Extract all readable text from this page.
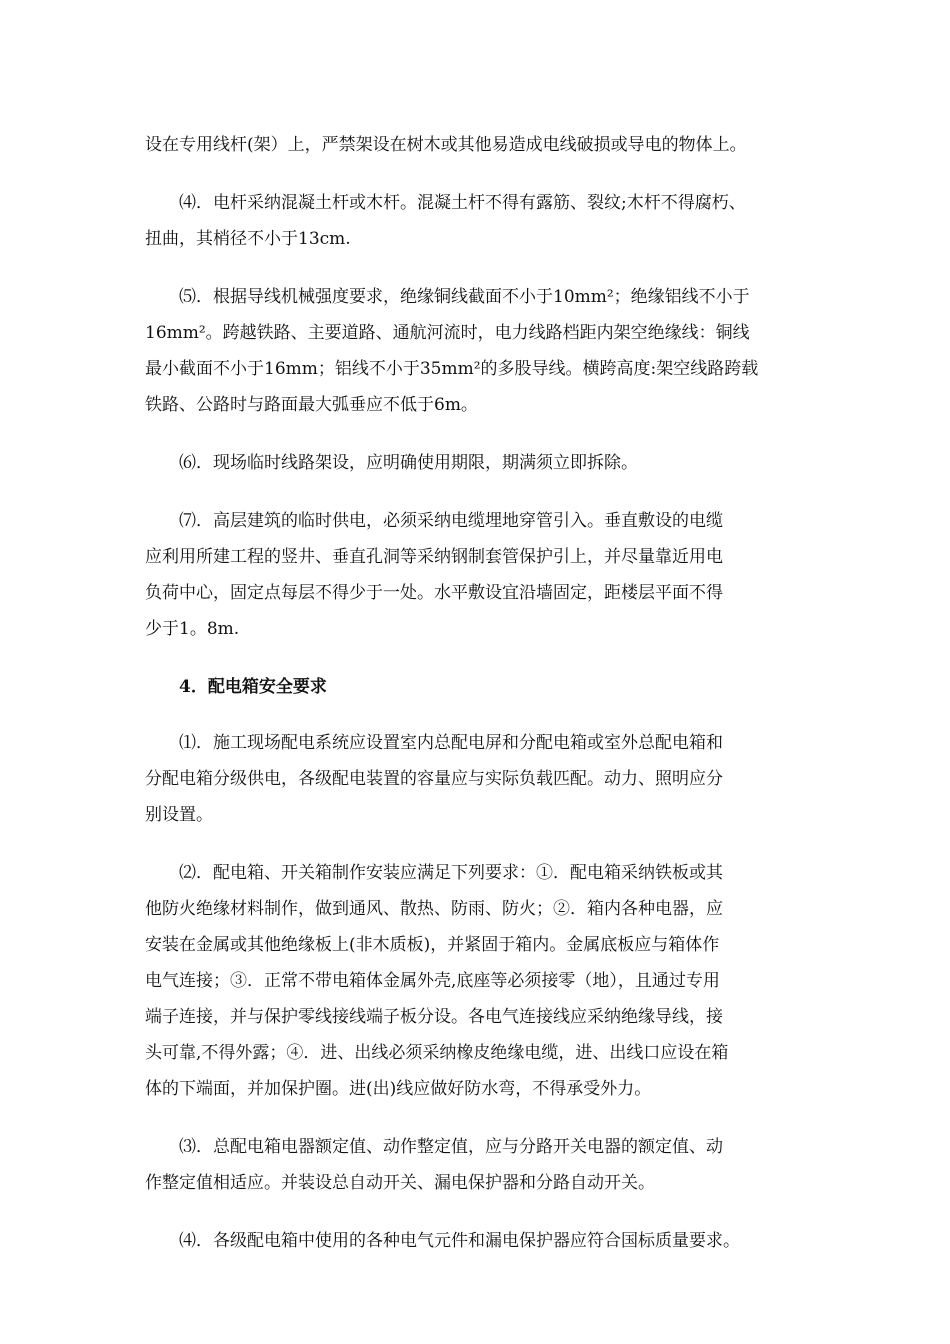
设在专用线杆(架）上，严禁架设在树木或其他易造成电线破损或导电的物体上。
⑷．电杆采纳混凝土杆或木杆。混凝土杆不得有露筋、裂纹;木杆不得腐朽、
扭曲，其梢径不小于13cm.
⑸．根据导线机械强度要求，绝缘铜线截面不小于10mm²；绝缘铝线不小于
16mm²。跨越铁路、主要道路、通航河流时，电力线路档距内架空绝缘线：铜线
最小截面不小于16mm；铝线不小于35mm²的多股导线。横跨高度:架空线路跨载
铁路、公路时与路面最大弧垂应不低于6m。
⑹．现场临时线路架设，应明确使用期限，期满须立即拆除。
⑺．高层建筑的临时供电，必须采纳电缆埋地穿管引入。垂直敷设的电缆
应利用所建工程的竖井、垂直孔洞等采纳钢制套管保护引上，并尽量靠近用电
负荷中心，固定点每层不得少于一处。水平敷设宜沿墙固定，距楼层平面不得
少于1。8m.
4．配电箱安全要求
⑴．施工现场配电系统应设置室内总配电屏和分配电箱或室外总配电箱和
分配电箱分级供电，各级配电装置的容量应与实际负载匹配。动力、照明应分
别设置。
⑵．配电箱、开关箱制作安装应满足下列要求：①．配电箱采纳铁板或其
他防火绝缘材料制作，做到通风、散热、防雨、防火；②．箱内各种电器，应
安装在金属或其他绝缘板上(非木质板)，并紧固于箱内。金属底板应与箱体作
电气连接；③．正常不带电箱体金属外壳,底座等必须接零（地），且通过专用
端子连接，并与保护零线接线端子板分设。各电气连接线应采纳绝缘导线，接
头可靠,不得外露；④．进、出线必须采纳橡皮绝缘电缆，进、出线口应设在箱
体的下端面，并加保护圈。进(出)线应做好防水弯，不得承受外力。
⑶．总配电箱电器额定值、动作整定值，应与分路开关电器的额定值、动
作整定值相适应。并装设总自动开关、漏电保护器和分路自动开关。
⑷．各级配电箱中使用的各种电气元件和漏电保护器应符合国标质量要求。
